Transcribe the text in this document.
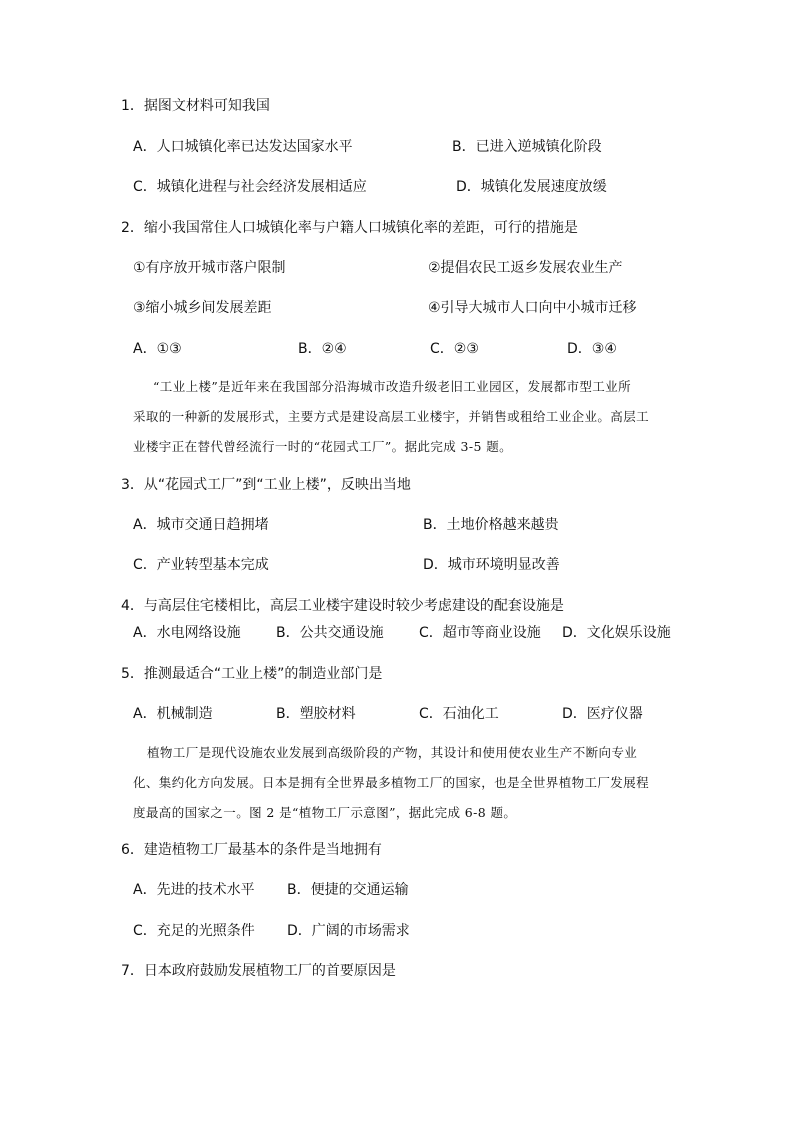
1．据图文材料可知我国
A．人口城镇化率已达发达国家水平	B．已进入逆城镇化阶段
C．城镇化进程与社会经济发展相适应	D．城镇化发展速度放缓
2．缩小我国常住人口城镇化率与户籍人口城镇化率的差距，可行的措施是
①有序放开城市落户限制	②提倡农民工返乡发展农业生产
③缩小城乡间发展差距	④引导大城市人口向中小城市迁移
A．①③	B．②④	C．②③	D．③④
“工业上楼”是近年来在我国部分沿海城市改造升级老旧工业园区，发展都市型工业所
采取的一种新的发展形式，主要方式是建设高层工业楼宇，并销售或租给工业企业。高层工
业楼宇正在替代曾经流行一时的“花园式工厂”。据此完成 3-5 题。
3．从“花园式工厂”到“工业上楼”，反映出当地
A．城市交通日趋拥堵	B．土地价格越来越贵
C．产业转型基本完成	D．城市环境明显改善
4．与高层住宅楼相比，高层工业楼宇建设时较少考虑建设的配套设施是
A．水电网络设施	B．公共交通设施	C．超市等商业设施 D．文化娱乐设施
5．推测最适合“工业上楼”的制造业部门是
A．机械制造	B．塑胶材料	C．石油化工	D．医疗仪器
植物工厂是现代设施农业发展到高级阶段的产物，其设计和使用使农业生产不断向专业
化、集约化方向发展。日本是拥有全世界最多植物工厂的国家，也是全世界植物工厂发展程
度最高的国家之一。图 2 是“植物工厂示意图”，据此完成 6-8 题。
6．建造植物工厂最基本的条件是当地拥有
A．先进的技术水平 B．便捷的交通运输
C．充足的光照条件 D．广阔的市场需求
7．日本政府鼓励发展植物工厂的首要原因是
